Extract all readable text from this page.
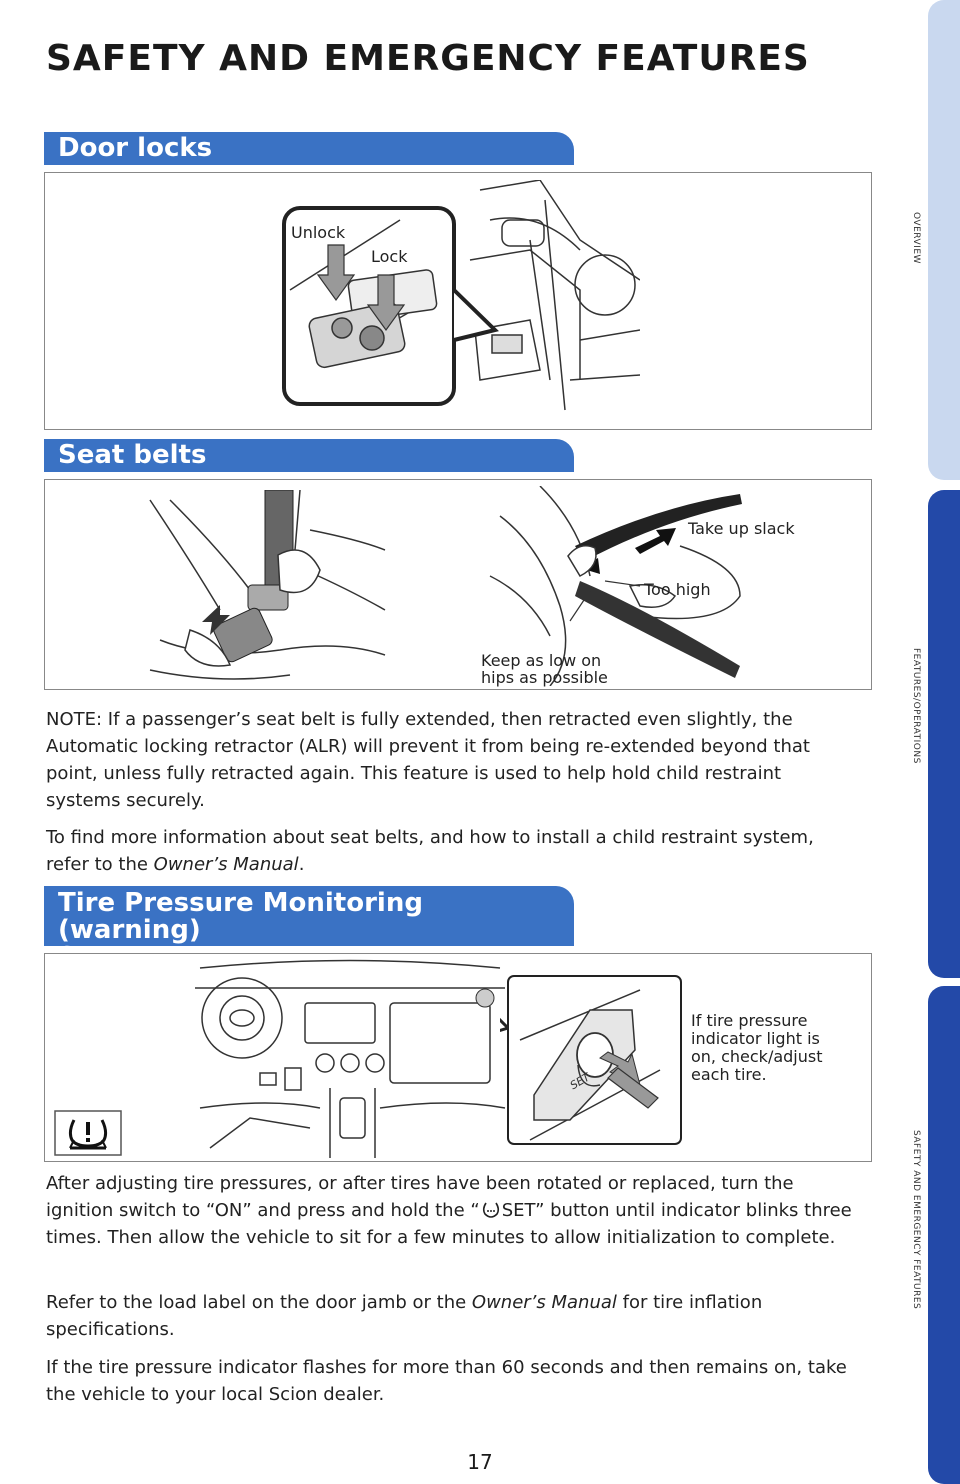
OVERVIEW
FEATURES/OPERATIONS
SAFETY AND EMERGENCY FEATURES
SAFETY AND EMERGENCY FEATURES
Door locks
Unlock
Lock
Seat belts
Take up slack
Too high
Keep as low on
hips as possible

NOTE: If a passenger’s seat belt is fully extended, then retracted even slightly, the Automatic locking retractor (ALR) will prevent it from being re-extended beyond that point, unless fully retracted again. This feature is used to help hold child restraint systems securely.

To find more information about seat belts, and how to install a child restraint system, refer to the Owner’s Manual.

Tire Pressure Monitoring (warning)
SET
If tire pressure
indicator light is
on, check/adjust
each tire.

After adjusting tire pressures, or after tires have been rotated or replaced, turn the ignition switch to “ON” and press and hold the “ SET” button until indicator blinks three times. Then allow the vehicle to sit for a few minutes to allow initialization to complete.

Refer to the load label on the door jamb or the Owner’s Manual for tire inflation specifications.

If the tire pressure indicator flashes for more than 60 seconds and then remains on, take the vehicle to your local Scion dealer.

17
